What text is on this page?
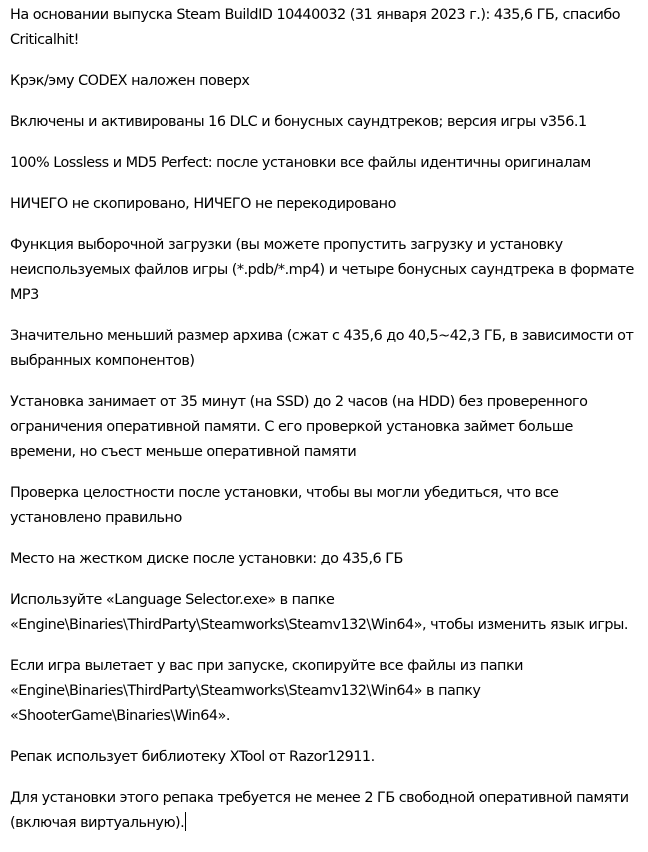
На основании выпуска Steam BuildID 10440032 (31 января 2023 г.): 435,6 ГБ, спасибо Criticalhit!

Крэк/эму CODEX наложен поверх

Включены и активированы 16 DLC и бонусных саундтреков; версия игры v356.1

100% Lossless и MD5 Perfect: после установки все файлы идентичны оригиналам

НИЧЕГО не скопировано, НИЧЕГО не перекодировано

Функция выборочной загрузки (вы можете пропустить загрузку и установку неиспользуемых файлов игры (*.pdb/*.mp4) и четыре бонусных саундтрека в формате MP3

Значительно меньший размер архива (сжат с 435,6 до 40,5~42,3 ГБ, в зависимости от выбранных компонентов)

Установка занимает от 35 минут (на SSD) до 2 часов (на HDD) без проверенного ограничения оперативной памяти. С его проверкой установка займет больше времени, но съест меньше оперативной памяти

Проверка целостности после установки, чтобы вы могли убедиться, что все установлено правильно

Место на жестком диске после установки: до 435,6 ГБ

Используйте «Language Selector.exe» в папке «Engine\Binaries\ThirdParty\Steamworks\Steamv132\Win64», чтобы изменить язык игры.

Если игра вылетает у вас при запуске, скопируйте все файлы из папки «Engine\Binaries\ThirdParty\Steamworks\Steamv132\Win64» в папку «ShooterGame\Binaries\Win64».

Репак использует библиотеку XTool от Razor12911.

Для установки этого репака требуется не менее 2 ГБ свободной оперативной памяти (включая виртуальную).
